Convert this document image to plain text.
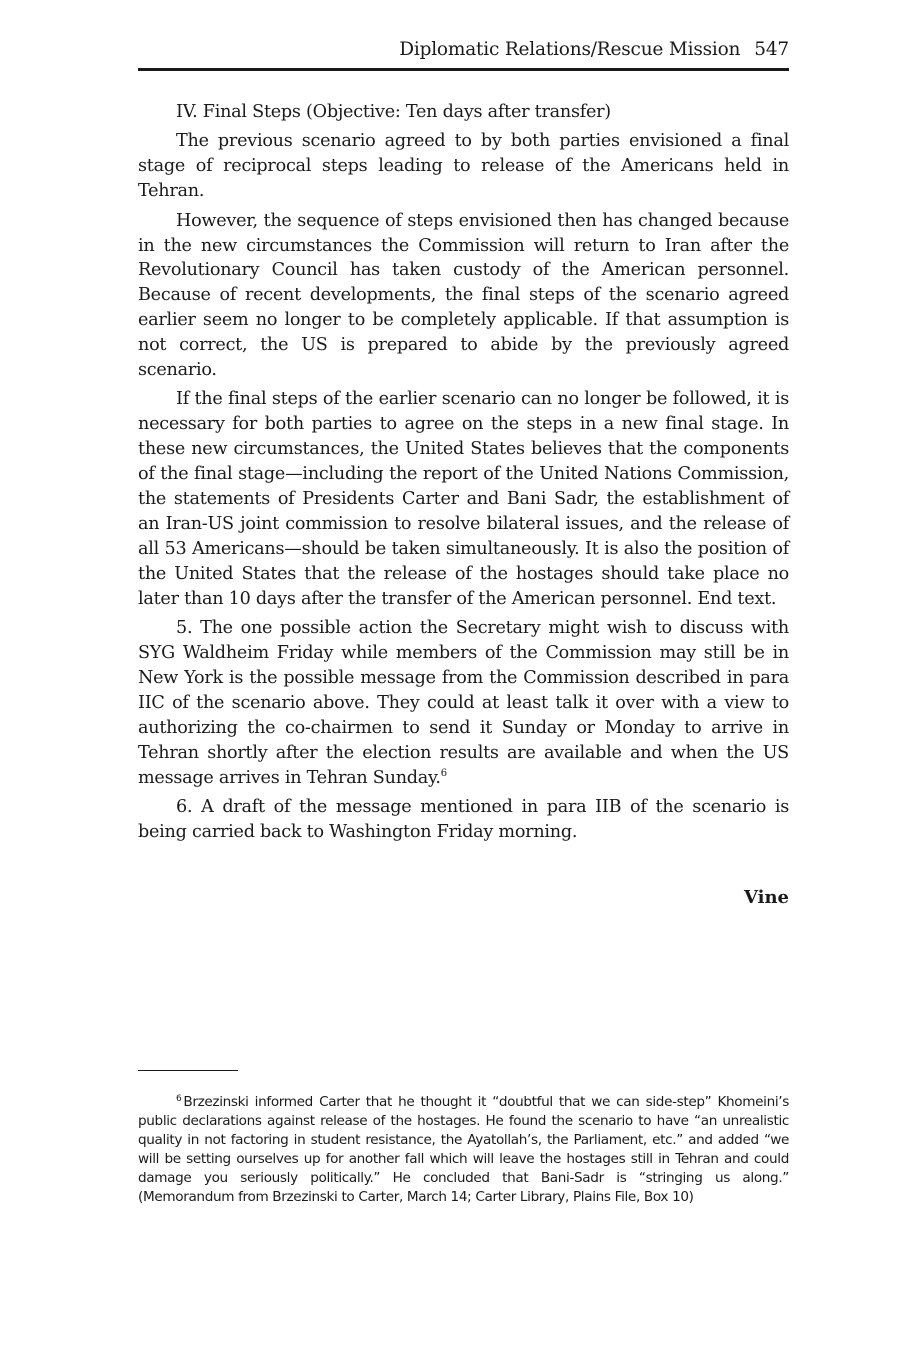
Diplomatic Relations/Rescue Mission 547

IV. Final Steps (Objective: Ten days after transfer)

The previous scenario agreed to by both parties envisioned a final stage of reciprocal steps leading to release of the Americans held in Tehran.

However, the sequence of steps envisioned then has changed because in the new circumstances the Commission will return to Iran after the Revolutionary Council has taken custody of the American personnel. Because of recent developments, the final steps of the scenario agreed earlier seem no longer to be completely applicable. If that assumption is not correct, the US is prepared to abide by the previously agreed scenario.

If the final steps of the earlier scenario can no longer be followed, it is necessary for both parties to agree on the steps in a new final stage. In these new circumstances, the United States believes that the components of the final stage—including the report of the United Nations Commission, the statements of Presidents Carter and Bani Sadr, the establishment of an Iran-US joint commission to resolve bilateral issues, and the release of all 53 Americans—should be taken simultaneously. It is also the position of the United States that the release of the hostages should take place no later than 10 days after the transfer of the American personnel. End text.

5. The one possible action the Secretary might wish to discuss with SYG Waldheim Friday while members of the Commission may still be in New York is the possible message from the Commission described in para IIC of the scenario above. They could at least talk it over with a view to authorizing the co-chairmen to send it Sunday or Monday to arrive in Tehran shortly after the election results are available and when the US message arrives in Tehran Sunday.$^6$

6. A draft of the message mentioned in para IIB of the scenario is being carried back to Washington Friday morning.

Vine

$^6$ Brzezinski informed Carter that he thought it “doubtful that we can side-step” Khomeini’s public declarations against release of the hostages. He found the scenario to have “an unrealistic quality in not factoring in student resistance, the Ayatollah’s, the Parliament, etc.” and added “we will be setting ourselves up for another fall which will leave the hostages still in Tehran and could damage you seriously politically.” He concluded that Bani-Sadr is “stringing us along.” (Memorandum from Brzezinski to Carter, March 14; Carter Library, Plains File, Box 10)
